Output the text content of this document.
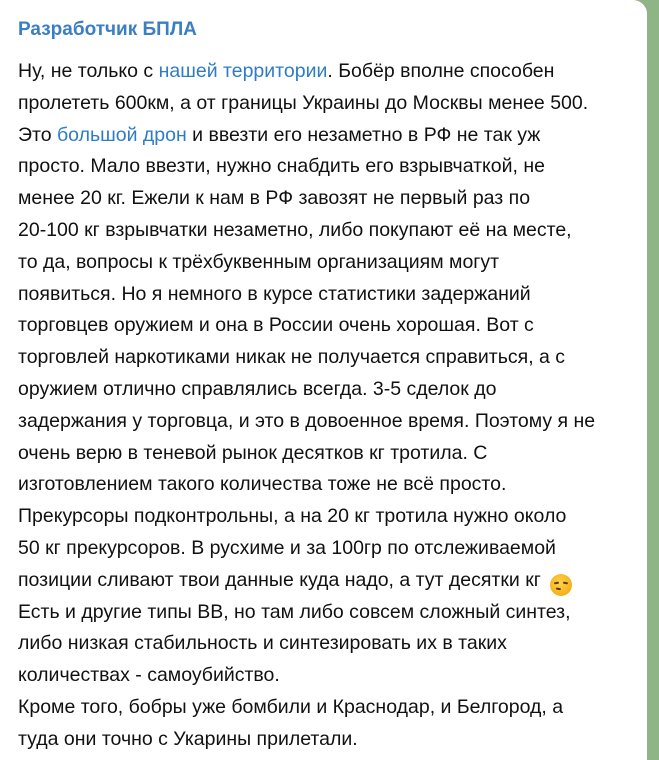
Разработчик БПЛА
Ну, не только с нашей территории. Бобёр вполне способен
пролететь 600км, а от границы Украины до Москвы менее 500.
Это большой дрон и ввезти его незаметно в РФ не так уж
просто. Мало ввезти, нужно снабдить его взрывчаткой, не
менее 20 кг. Ежели к нам в РФ завозят не первый раз по
20-100 кг взрывчатки незаметно, либо покупают её на месте,
то да, вопросы к трёхбуквенным организациям могут
появиться. Но я немного в курсе статистики задержаний
торговцев оружием и она в России очень хорошая. Вот с
торговлей наркотиками никак не получается справиться, а с
оружием отлично справлялись всегда. 3-5 сделок до
задержания у торговца, и это в довоенное время. Поэтому я не
очень верю в теневой рынок десятков кг тротила. С
изготовлением такого количества тоже не всё просто.
Прекурсоры подконтрольны, а на 20 кг тротила нужно около
50 кг прекурсоров. В русхиме и за 100гр по отслеживаемой
позиции сливают твои данные куда надо, а тут десятки кг
Есть и другие типы ВВ, но там либо совсем сложный синтез,
либо низкая стабильность и синтезировать их в таких
количествах - самоубийство.
Кроме того, бобры уже бомбили и Краснодар, и Белгород, а
туда они точно с Укарины прилетали.
